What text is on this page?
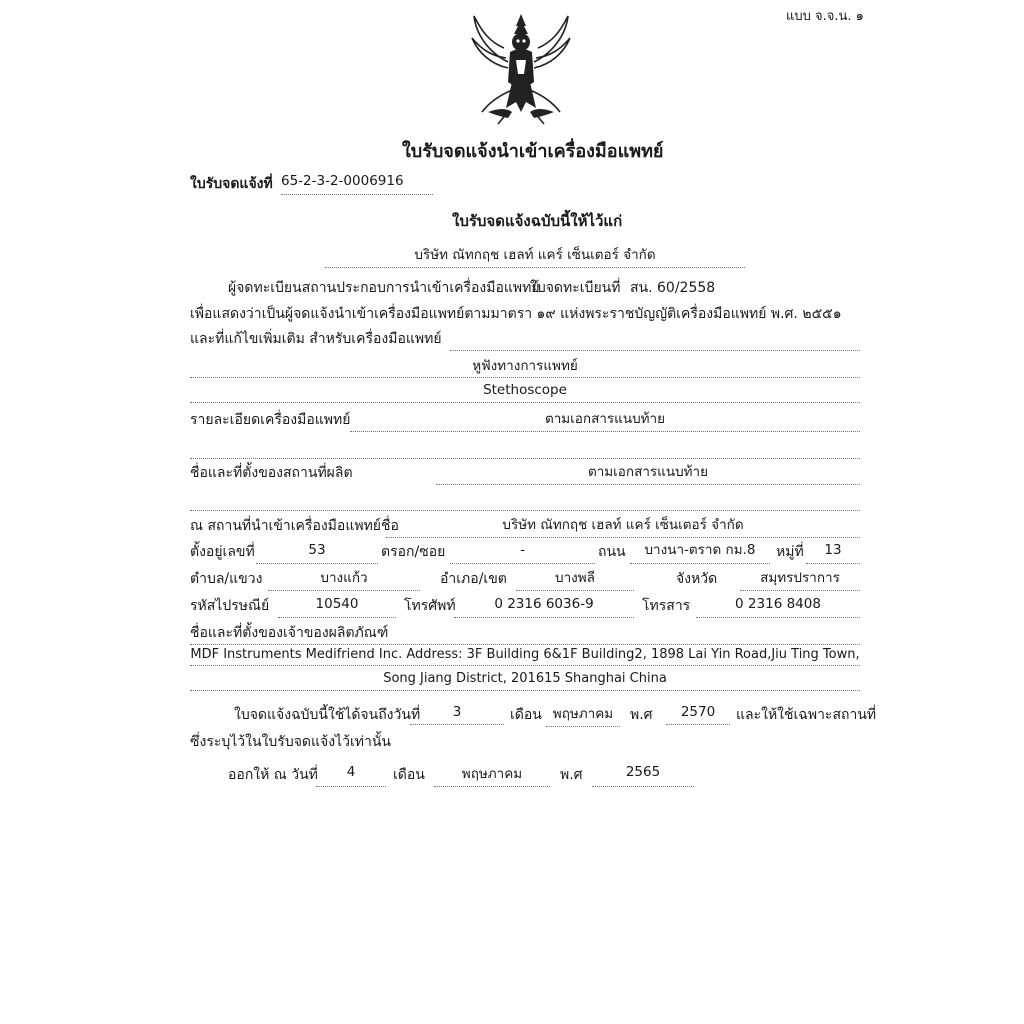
แบบ จ.จ.น. ๑
ใบรับจดแจ้งนำเข้าเครื่องมือแพทย์
ใบรับจดแจ้งที่ 65-2-3-2-0006916
ใบรับจดแจ้งฉบับนี้ให้ไว้แก่
บริษัท ณัทกฤช เฮลท์ แคร์ เซ็นเตอร์ จำกัด
ผู้จดทะเบียนสถานประกอบการนำเข้าเครื่องมือแพทย์
ใบจดทะเบียนที่ สน. 60/2558
เพื่อแสดงว่าเป็นผู้จดแจ้งนำเข้าเครื่องมือแพทย์ตามมาตรา ๑๙ แห่งพระราชบัญญัติเครื่องมือแพทย์ พ.ศ. ๒๕๕๑
และที่แก้ไขเพิ่มเติม สำหรับเครื่องมือแพทย์
หูฟังทางการแพทย์
Stethoscope
รายละเอียดเครื่องมือแพทย์	ตามเอกสารแนบท้าย
ชื่อและที่ตั้งของสถานที่ผลิต	ตามเอกสารแนบท้าย
ณ สถานที่นำเข้าเครื่องมือแพทย์ชื่อ	บริษัท ณัทกฤช เฮลท์ แคร์ เซ็นเตอร์ จำกัด
ตั้งอยู่เลขที่	53	ตรอก/ซอย	-	ถนน	บางนา-ตราด กม.8	หมู่ที่	13
ตำบล/แขวง	บางแก้ว	อำเภอ/เขต	บางพลี	จังหวัด	สมุทรปราการ
รหัสไปรษณีย์	10540	โทรศัพท์	0 2316 6036-9	โทรสาร	0 2316 8408
ชื่อและที่ตั้งของเจ้าของผลิตภัณฑ์
MDF Instruments Medifriend Inc. Address: 3F Building 6&1F Building2, 1898 Lai Yin Road,Jiu Ting Town,
Song Jiang District, 201615 Shanghai China
ใบจดแจ้งฉบับนี้ใช้ได้จนถึงวันที่	3	เดือน พฤษภาคม	พ.ศ	2570	และให้ใช้เฉพาะสถานที่
ซึ่งระบุไว้ในใบรับจดแจ้งไว้เท่านั้น
ออกให้ ณ วันที่	4	เดือน	พฤษภาคม	พ.ศ	2565
